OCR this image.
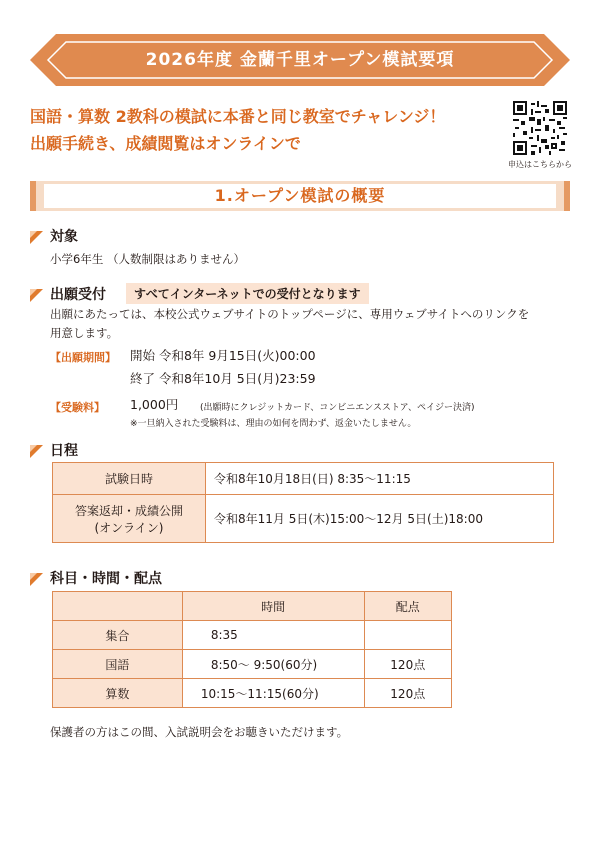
2026年度 金蘭千里オープン模試要項
国語・算数 2教科の模試に本番と同じ教室でチャレンジ！
出願手続き、成績閲覧はオンラインで
申込はこちらから
1.オープン模試の概要
対象
小学6年生 （人数制限はありません）
出願受付	すべてインターネットでの受付となります
出願にあたっては、本校公式ウェブサイトのトップページに、専用ウェブサイトへのリンクを
用意します。
【出願期間】 開始 令和8年 9月15日(火)00:00
終了 令和8年10月 5日(月)23:59
【受験料】 1,000円 (出願時にクレジットカード、コンビニエンスストア、ペイジー決済)
※一旦納入された受験料は、理由の如何を問わず、返金いたしません。
日程
試験日時	令和8年10月18日(日) 8:35～11:15

答案返却・成績公開
(オンライン)	令和8年11月 5日(木)15:00～12月 5日(土)18:00
科目・時間・配点
	時間	配点
集合	8:35	
国語	8:50～ 9:50(60分)	120点
算数	10:15～11:15(60分)	120点
保護者の方はこの間、入試説明会をお聴きいただけます。
